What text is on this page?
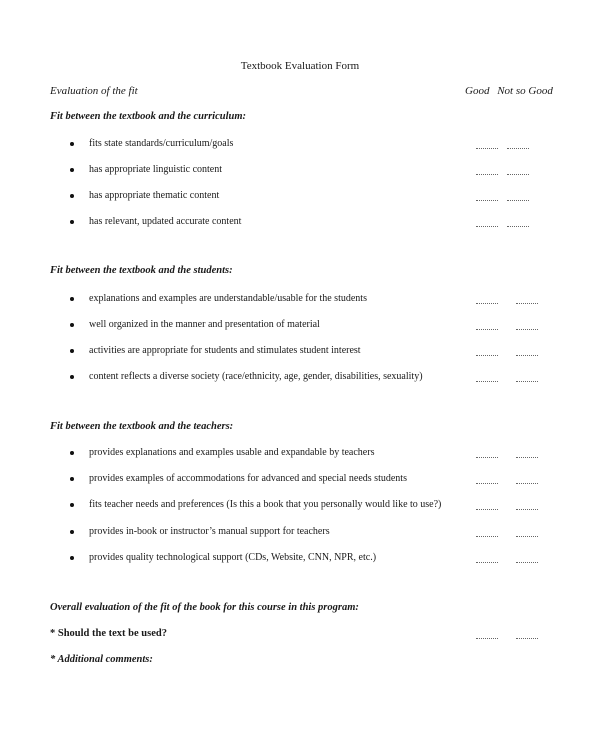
Textbook Evaluation Form
Evaluation of the fit	Good Not so Good
Fit between the textbook and the curriculum:
fits state standards/curriculum/goals
has appropriate linguistic content
has appropriate thematic content
has relevant, updated accurate content
Fit between the textbook and the students:
explanations and examples are understandable/usable for the students
well organized in the manner and presentation of material
activities are appropriate for students and stimulates student interest
content reflects a diverse society (race/ethnicity, age, gender, disabilities, sexuality)
Fit between the textbook and the teachers:
provides explanations and examples usable and expandable by teachers
provides examples of accommodations for advanced and special needs students
fits teacher needs and preferences (Is this a book that you personally would like to use?)
provides in-book or instructor’s manual support for teachers
provides quality technological support (CDs, Website, CNN, NPR, etc.)
Overall evaluation of the fit of the book for this course in this program:
* Should the text be used?
* Additional comments:
